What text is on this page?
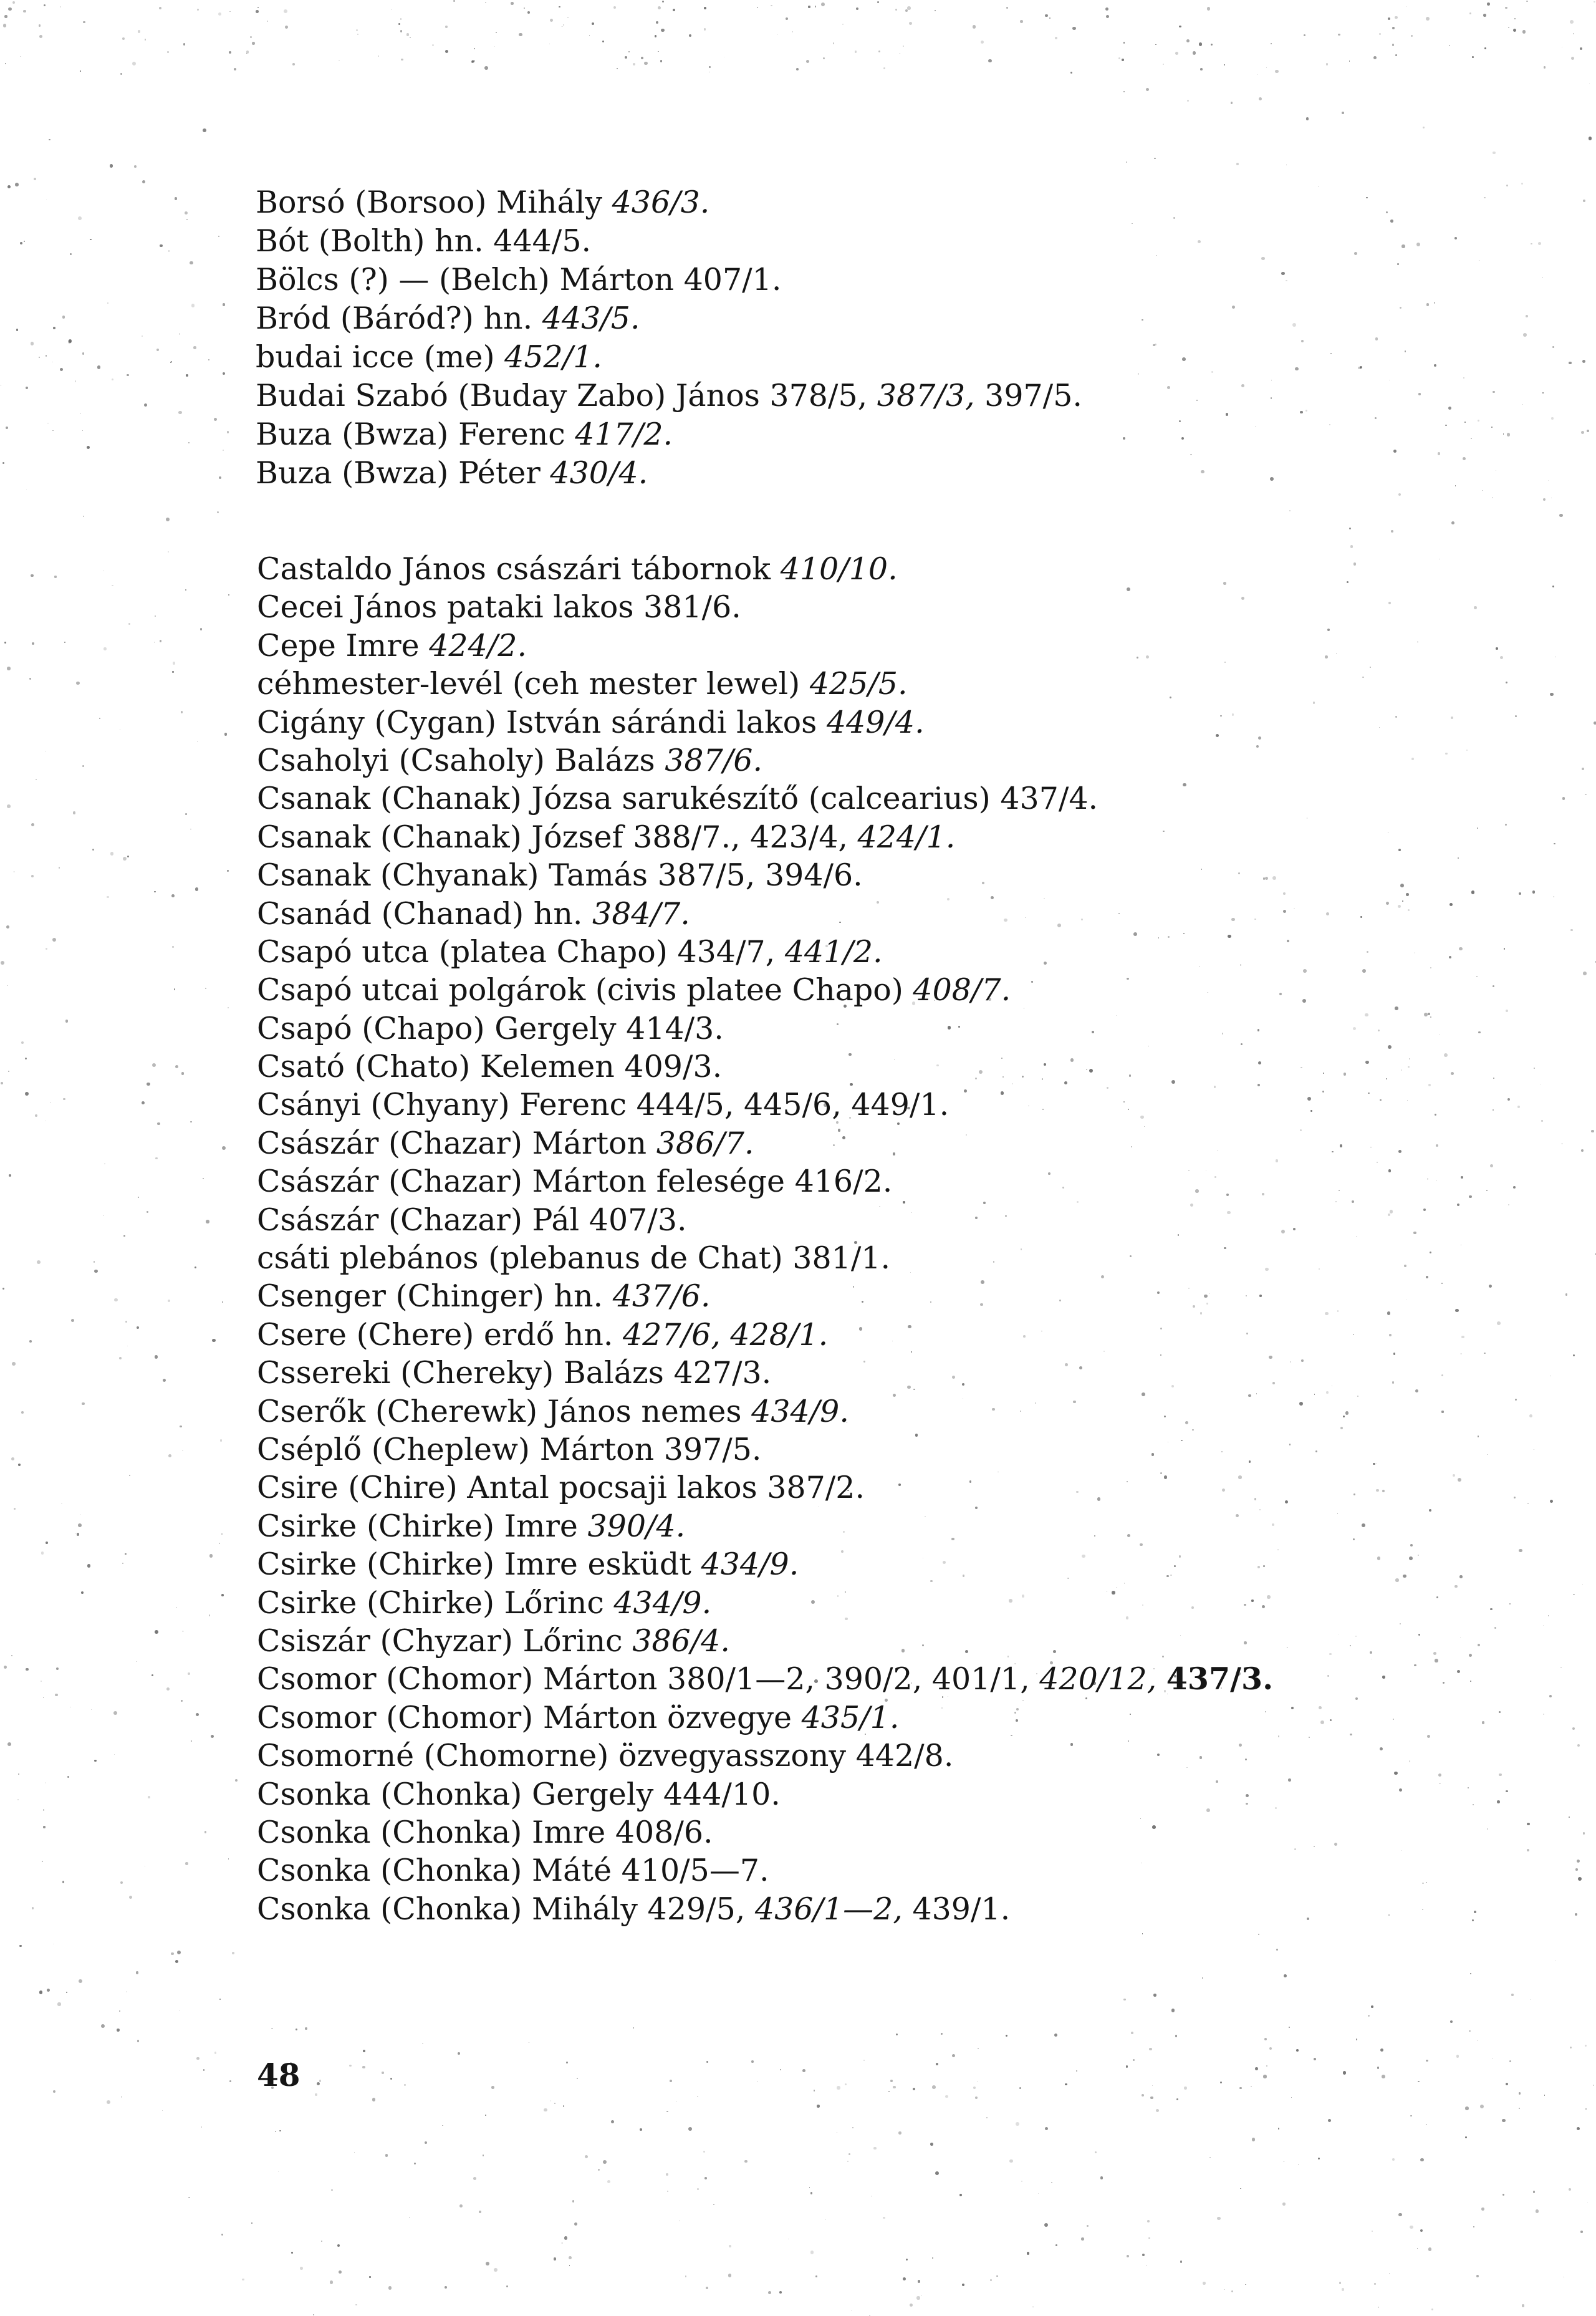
Borsó (Borsoo) Mihály 436/3.
Bót (Bolth) hn. 444/5.
Bölcs (?) — (Belch) Márton 407/1.
Bród (Báród?) hn. 443/5.
budai icce (me) 452/1.
Budai Szabó (Buday Zabo) János 378/5, 387/3, 397/5.
Buza (Bwza) Ferenc 417/2.
Buza (Bwza) Péter 430/4.
Castaldo János császári tábornok 410/10.
Cecei János pataki lakos 381/6.
Cepe Imre 424/2.
céhmester-levél (ceh mester lewel) 425/5.
Cigány (Cygan) István sárándi lakos 449/4.
Csaholyi (Csaholy) Balázs 387/6.
Csanak (Chanak) Józsa sarukészítő (calcearius) 437/4.
Csanak (Chanak) József 388/7., 423/4, 424/1.
Csanak (Chyanak) Tamás 387/5, 394/6.
Csanád (Chanad) hn. 384/7.
Csapó utca (platea Chapo) 434/7, 441/2.
Csapó utcai polgárok (civis platee Chapo) 408/7.
Csapó (Chapo) Gergely 414/3.
Csató (Chato) Kelemen 409/3.
Csányi (Chyany) Ferenc 444/5, 445/6, 449/1.
Császár (Chazar) Márton 386/7.
Császár (Chazar) Márton felesége 416/2.
Császár (Chazar) Pál 407/3.
csáti plebános (plebanus de Chat) 381/1.
Csenger (Chinger) hn. 437/6.
Csere (Chere) erdő hn. 427/6, 428/1.
Cssereki (Chereky) Balázs 427/3.
Cserők (Cherewk) János nemes 434/9.
Cséplő (Cheplew) Márton 397/5.
Csire (Chire) Antal pocsaji lakos 387/2.
Csirke (Chirke) Imre 390/4.
Csirke (Chirke) Imre esküdt 434/9.
Csirke (Chirke) Lőrinc 434/9.
Csiszár (Chyzar) Lőrinc 386/4.
Csomor (Chomor) Márton 380/1—2, 390/2, 401/1, 420/12, 437/3.
Csomor (Chomor) Márton özvegye 435/1.
Csomorné (Chomorne) özvegyasszony 442/8.
Csonka (Chonka) Gergely 444/10.
Csonka (Chonka) Imre 408/6.
Csonka (Chonka) Máté 410/5—7.
Csonka (Chonka) Mihály 429/5, 436/1—2, 439/1.
48
